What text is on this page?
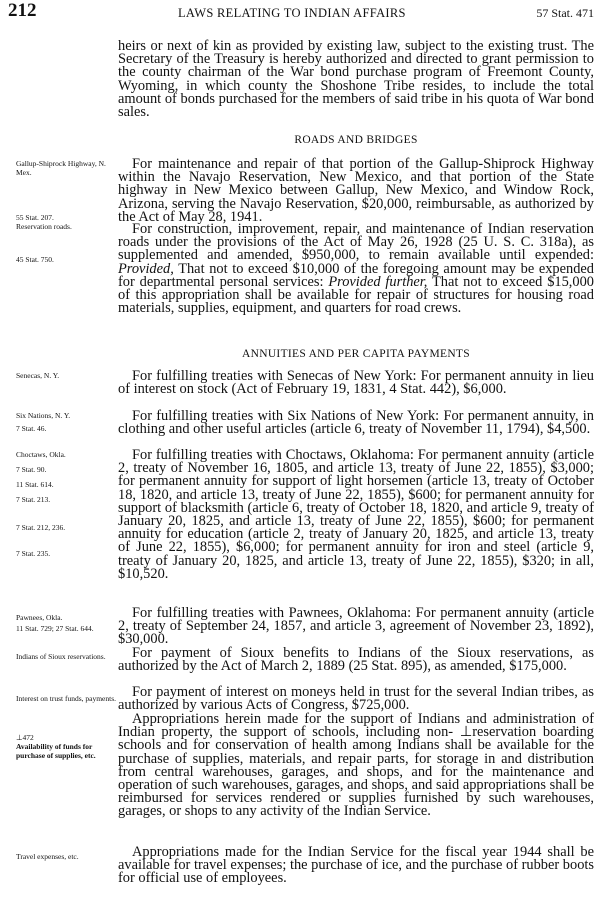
212	LAWS RELATING TO INDIAN AFFAIRS	57 Stat. 471

heirs or next of kin as provided by existing law, subject to the existing trust. The Secretary of the Treasury is hereby authorized and directed to grant permission to the county chairman of the War bond purchase program of Freemont County, Wyoming, in which county the Shoshone Tribe resides, to include the total amount of bonds purchased for the members of said tribe in his quota of War bond sales.

ROADS AND BRIDGES

For maintenance and repair of that portion of the Gallup-Shiprock Highway within the Navajo Reservation, New Mexico, and that portion of the State highway in New Mexico between Gallup, New Mexico, and Window Rock, Arizona, serving the Navajo Reservation, $20,000, reimbursable, as authorized by the Act of May 28, 1941.

For construction, improvement, repair, and maintenance of Indian reservation roads under the provisions of the Act of May 26, 1928 (25 U. S. C. 318a), as supplemented and amended, $950,000, to remain available until expended: Provided, That not to exceed $10,000 of the foregoing amount may be expended for departmental personal services: Provided further, That not to exceed $15,000 of this appropriation shall be available for repair of structures for housing road materials, supplies, equipment, and quarters for road crews.

ANNUITIES AND PER CAPITA PAYMENTS

For fulfilling treaties with Senecas of New York: For permanent annuity in lieu of interest on stock (Act of February 19, 1831, 4 Stat. 442), $6,000.

For fulfilling treaties with Six Nations of New York: For permanent annuity, in clothing and other useful articles (article 6, treaty of November 11, 1794), $4,500.

For fulfilling treaties with Choctaws, Oklahoma: For permanent annuity (article 2, treaty of November 16, 1805, and article 13, treaty of June 22, 1855), $3,000; for permanent annuity for support of light horsemen (article 13, treaty of October 18, 1820, and article 13, treaty of June 22, 1855), $600; for permanent annuity for support of blacksmith (article 6, treaty of October 18, 1820, and article 9, treaty of January 20, 1825, and article 13, treaty of June 22, 1855), $600; for permanent annuity for education (article 2, treaty of January 20, 1825, and article 13, treaty of June 22, 1855), $6,000; for permanent annuity for iron and steel (article 9, treaty of January 20, 1825, and article 13, treaty of June 22, 1855), $320; in all, $10,520.

For fulfilling treaties with Pawnees, Oklahoma: For permanent annuity (article 2, treaty of September 24, 1857, and article 3, agreement of November 23, 1892), $30,000.

For payment of Sioux benefits to Indians of the Sioux reservations, as authorized by the Act of March 2, 1889 (25 Stat. 895), as amended, $175,000.

For payment of interest on moneys held in trust for the several Indian tribes, as authorized by various Acts of Congress, $725,000.

Appropriations herein made for the support of Indians and administration of Indian property, the support of schools, including non- ⊥reservation boarding schools and for conservation of health among Indians shall be available for the purchase of supplies, materials, and repair parts, for storage in and distribution from central warehouses, garages, and shops, and for the maintenance and operation of such warehouses, garages, and shops, and said appropriations shall be reimbursed for services rendered or supplies furnished by such warehouses, garages, or shops to any activity of the Indian Service.

Appropriations made for the Indian Service for the fiscal year 1944 shall be available for travel expenses; the purchase of ice, and the purchase of rubber boots for official use of employees.

Gallup-Shiprock Highway, N. Mex.
55 Stat. 207.
Reservation roads.
45 Stat. 750.
Senecas, N. Y.
Six Nations, N. Y.
7 Stat. 46.
Choctaws, Okla.
7 Stat. 90.
11 Stat. 614.
7 Stat. 213.
7 Stat. 212, 236.
7 Stat. 235.
Pawnees, Okla.
11 Stat. 729; 27 Stat. 644.
Indians of Sioux reservations.
Interest on trust funds, payments.
⊥472
Availability of funds for purchase of supplies, etc.
Travel expenses, etc.
